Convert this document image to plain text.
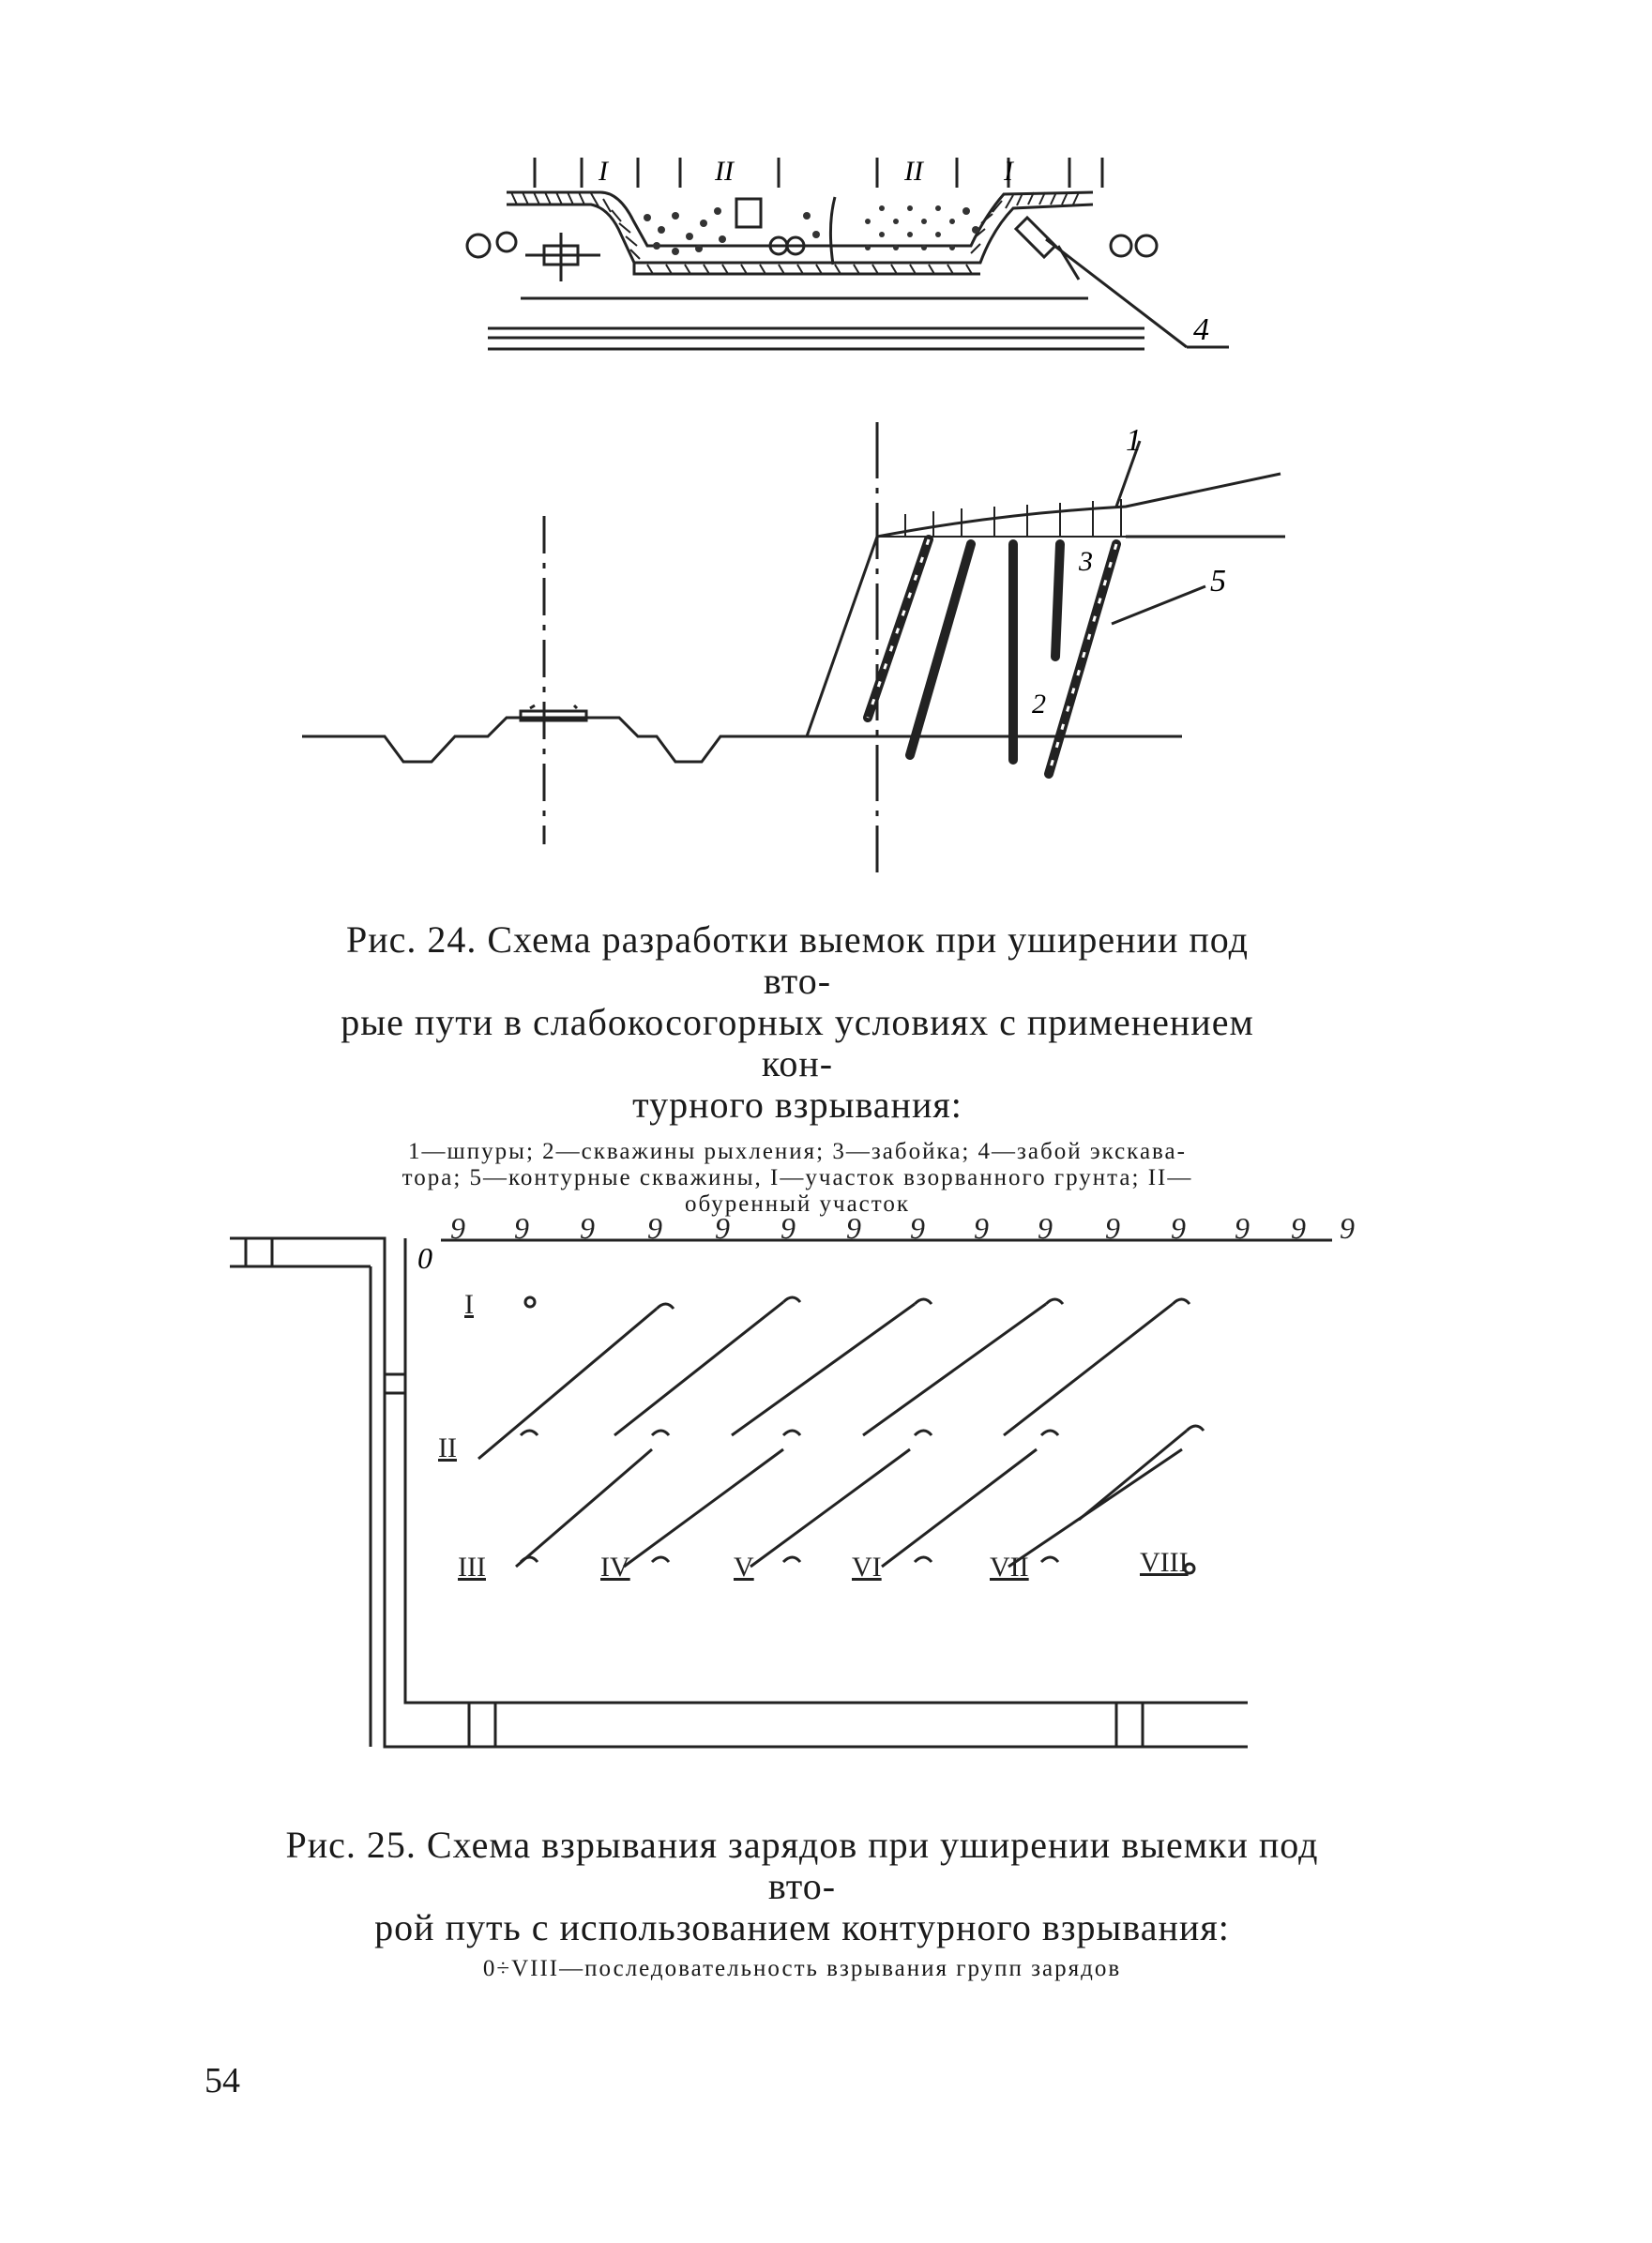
I	II	II	I
4
1
3
5
2
Рис. 24. Схема разработки выемок при уширении под вто-
рые пути в слабокосогорных условиях с применением кон-
турного взрывания:
1—шпуры; 2—скважины рыхления; 3—забойка; 4—забой экскава-
тора; 5—контурные скважины, I—участок взорванного грунта; II—
обуренный участок
0
9 9 9 9 9 9 9 9 9 9 9 9 9 9 9
I
II
III	IV	V	VI	VII	VIII
Рис. 25. Схема взрывания зарядов при уширении выемки под вто-
рой путь с использованием контурного взрывания:
0÷VIII—последовательность взрывания групп зарядов
54
